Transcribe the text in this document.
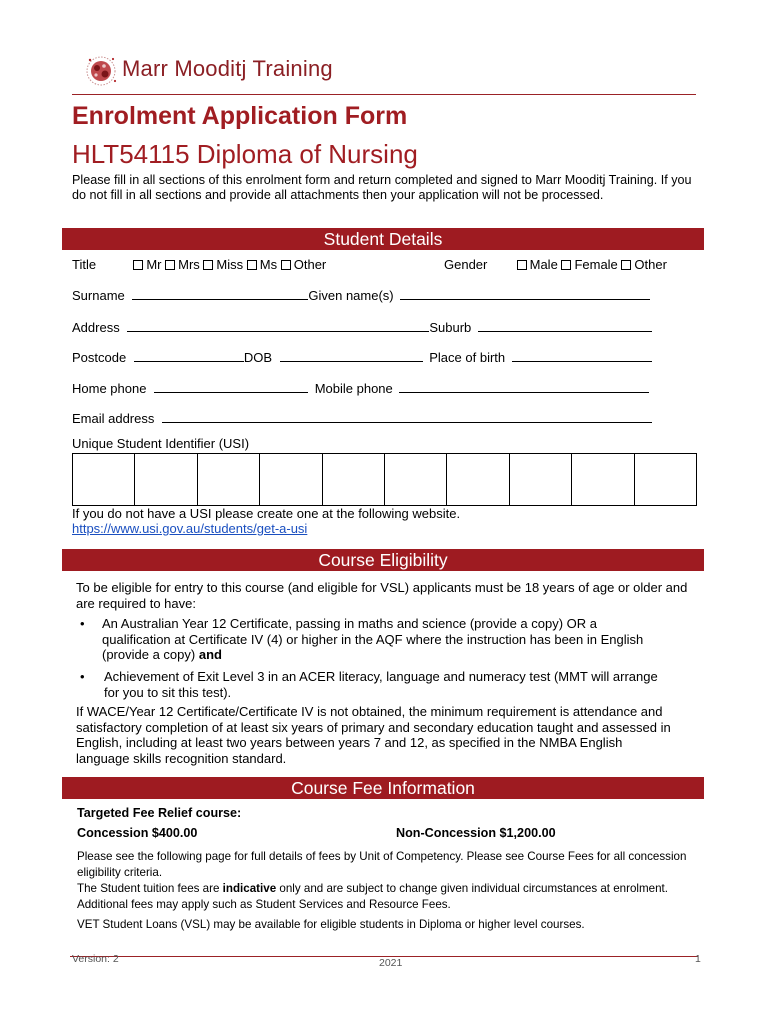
Marr Mooditj Training
Enrolment Application Form
HLT54115 Diploma of Nursing

Please fill in all sections of this enrolment form and return completed and signed to Marr Mooditj Training. If you do not fill in all sections and provide all attachments then your application will not be processed.

Student Details
Title	Mr Mrs Miss Ms Other	Gender	Male Female Other
Surname	Given name(s)
Address	Suburb
Postcode	DOB	Place of birth
Home phone	Mobile phone
Email address
Unique Student Identifier (USI)
If you do not have a USI please create one at the following website.
https://www.usi.gov.au/students/get-a-usi
Course Eligibility

To be eligible for entry to this course (and eligible for VSL) applicants must be 18 years of age or older and are required to have:

• An Australian Year 12 Certificate, passing in maths and science (provide a copy) OR a qualification at Certificate IV (4) or higher in the AQF where the instruction has been in English (provide a copy) and

• Achievement of Exit Level 3 in an ACER literacy, language and numeracy test (MMT will arrange for you to sit this test).

If WACE/Year 12 Certificate/Certificate IV is not obtained, the minimum requirement is attendance and satisfactory completion of at least six years of primary and secondary education taught and assessed in English, including at least two years between years 7 and 12, as specified in the NMBA English language skills recognition standard.

Course Fee Information
Targeted Fee Relief course:
Concession $400.00	Non-Concession $1,200.00

Please see the following page for full details of fees by Unit of Competency. Please see Course Fees for all concession eligibility criteria.

The Student tuition fees are indicative only and are subject to change given individual circumstances at enrolment. Additional fees may apply such as Student Services and Resource Fees.

VET Student Loans (VSL) may be available for eligible students in Diploma or higher level courses.

Version: 2	2021	1
